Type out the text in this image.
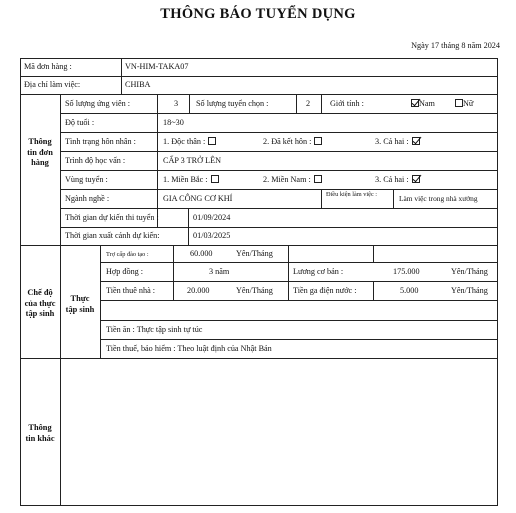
THÔNG BÁO TUYỂN DỤNG
Ngày 17 tháng 8 năm 2024
Mã đơn hàng :	VN-HIM-TAKA07
Địa chỉ làm việc:	CHIBA
Thông
tin đơn
hàng
Số lượng ứng viên :	3 Số lượng tuyển chọn :	2 Giới tính :	Nam	Nữ
Độ tuổi :	18~30
Tình trạng hôn nhân :	1. Độc thân :	2. Đã kết hôn :	3. Cả hai :
Trình độ học vấn :	CẤP 3 TRỞ LÊN
Vùng tuyển :	1. Miền Bắc :	2. Miền Nam :	3. Cả hai :
Ngành nghề :	GIA CÔNG CƠ KHÍ	Điều kiện làm việc :	Làm việc trong nhà xưởng
Thời gian dự kiến thi tuyển :	01/09/2024
Thời gian xuất cảnh dự kiến:	01/03/2025
Chế độ
của thực
tập sinh
Thực
tập sinh
Trợ cấp đào tạo :	60.000	Yên/Tháng
Hợp đồng :	3 năm	Lương cơ bản :	175.000	Yên/Tháng
Tiền thuê nhà :	20.000	Yên/Tháng Tiền ga điện nước :	5.000	Yên/Tháng
Tiền ăn : Thực tập sinh tự túc
Tiền thuế, bảo hiểm : Theo luật định của Nhật Bản
Thông
tin khác
